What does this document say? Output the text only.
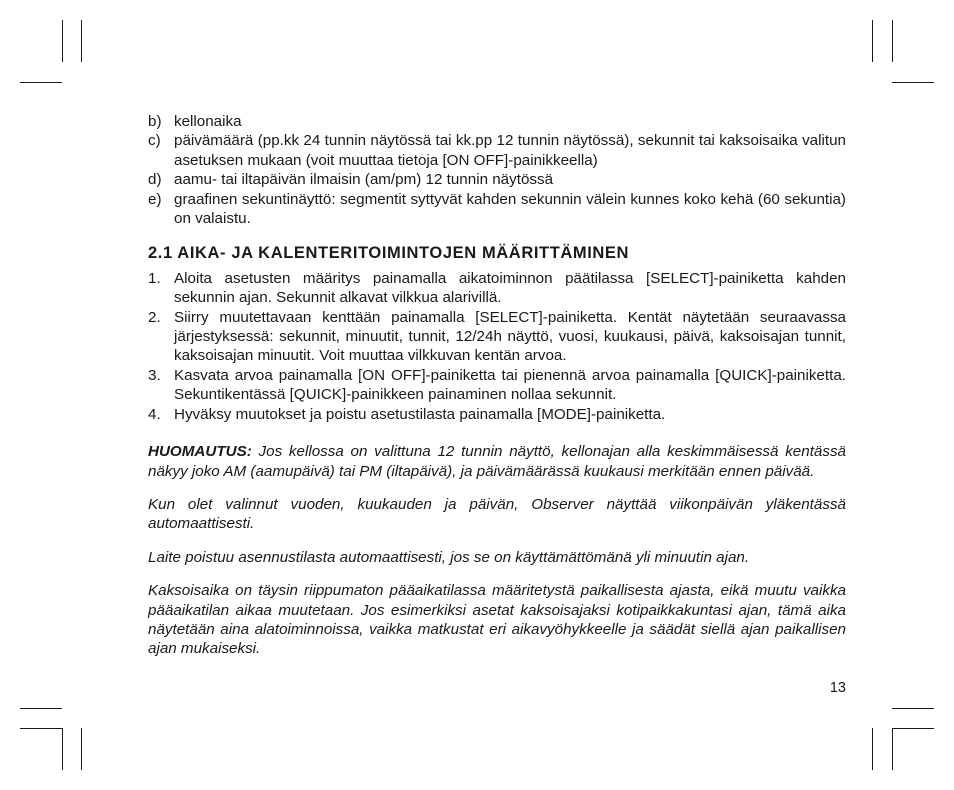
b) kellonaika
c) päivämäärä (pp.kk 24 tunnin näytössä tai kk.pp 12 tunnin näytössä), sekunnit tai kaksoisaika valitun asetuksen mukaan (voit muuttaa tietoja [ON OFF]-painikkeella)
d) aamu- tai iltapäivän ilmaisin (am/pm) 12 tunnin näytössä
e) graafinen sekuntinäyttö: segmentit syttyvät kahden sekunnin välein kunnes koko kehä (60 sekuntia) on valaistu.
2.1 AIKA- JA KALENTERITOIMINTOJEN MÄÄRITTÄMINEN
1. Aloita asetusten määritys painamalla aikatoiminnon päätilassa [SELECT]-painiketta kahden sekunnin ajan. Sekunnit alkavat vilkkua alarivillä.
2. Siirry muutettavaan kenttään painamalla [SELECT]-painiketta. Kentät näytetään seuraavassa järjestyksessä: sekunnit, minuutit, tunnit, 12/24h näyttö, vuosi, kuukausi, päivä, kaksoisajan tunnit, kaksoisajan minuutit. Voit muuttaa vilkkuvan kentän arvoa.
3. Kasvata arvoa painamalla [ON OFF]-painiketta tai pienennä arvoa painamalla [QUICK]-painiketta. Sekuntikentässä [QUICK]-painikkeen painaminen nollaa sekunnit.
4. Hyväksy muutokset ja poistu asetustilasta painamalla [MODE]-painiketta.
HUOMAUTUS: Jos kellossa on valittuna 12 tunnin näyttö, kellonajan alla keskimmäisessä kentässä näkyy joko AM (aamupäivä) tai PM (iltapäivä), ja päivämäärässä kuukausi merkitään ennen päivää.
Kun olet valinnut vuoden, kuukauden ja päivän, Observer näyttää viikonpäivän yläkentässä automaattisesti.
Laite poistuu asennustilasta automaattisesti, jos se on käyttämättömänä yli minuutin ajan.
Kaksoisaika on täysin riippumaton pääaikatilassa määritetystä paikallisesta ajasta, eikä muutu vaikka pääaikatilan aikaa muutetaan. Jos esimerkiksi asetat kaksoisajaksi kotipaikkakuntasi ajan, tämä aika näytetään aina alatoiminnoissa, vaikka matkustat eri aikavyöhykkeelle ja säädät siellä ajan paikallisen ajan mukaiseksi.
13
